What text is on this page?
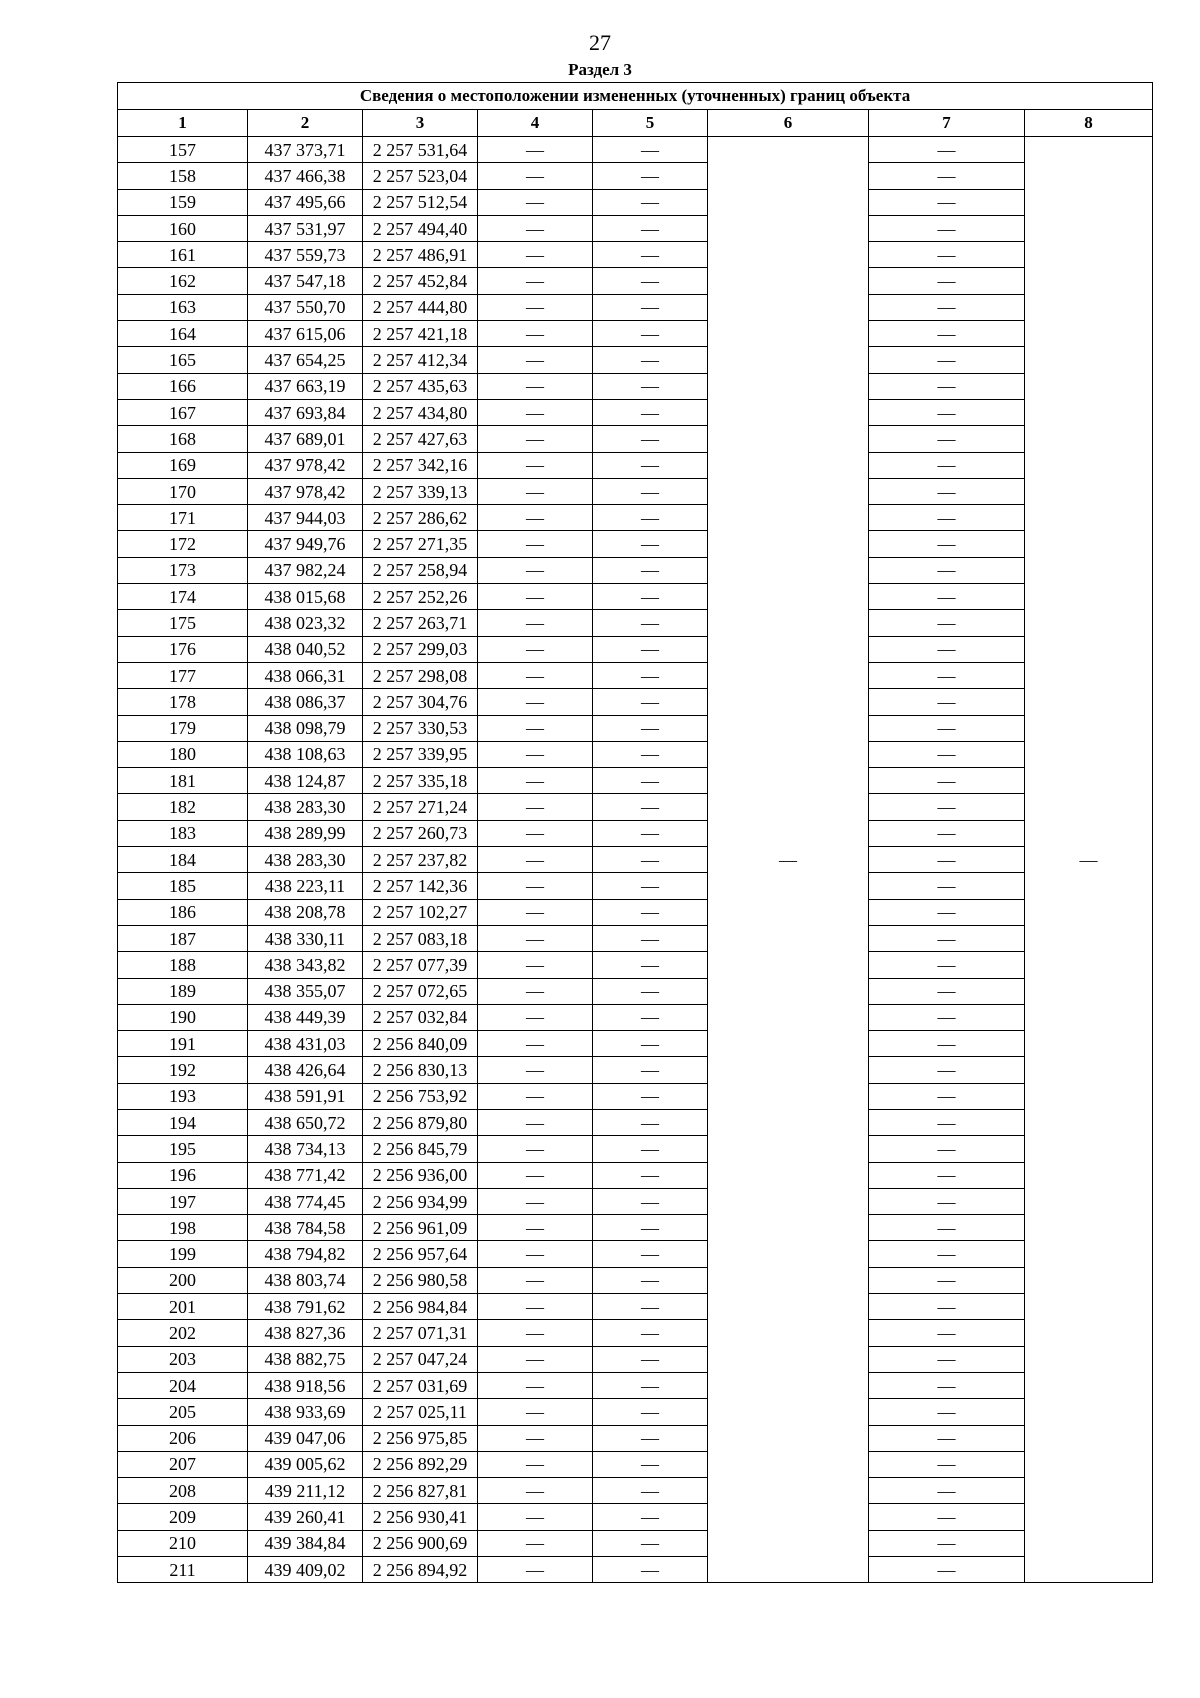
27
Раздел 3
Сведения о местоположении измененных (уточненных) границ объекта							
1	2	3	4	5	6	7	8
157	437 373,71	2 257 531,64	—	—	—	—	—
158	437 466,38	2 257 523,04	—	—		—	
159	437 495,66	2 257 512,54	—	—		—	
160	437 531,97	2 257 494,40	—	—		—	
161	437 559,73	2 257 486,91	—	—		—	
162	437 547,18	2 257 452,84	—	—		—	
163	437 550,70	2 257 444,80	—	—		—	
164	437 615,06	2 257 421,18	—	—		—	
165	437 654,25	2 257 412,34	—	—		—	
166	437 663,19	2 257 435,63	—	—		—	
167	437 693,84	2 257 434,80	—	—		—	
168	437 689,01	2 257 427,63	—	—		—	
169	437 978,42	2 257 342,16	—	—		—	
170	437 978,42	2 257 339,13	—	—		—	
171	437 944,03	2 257 286,62	—	—		—	
172	437 949,76	2 257 271,35	—	—		—	
173	437 982,24	2 257 258,94	—	—		—	
174	438 015,68	2 257 252,26	—	—		—	
175	438 023,32	2 257 263,71	—	—		—	
176	438 040,52	2 257 299,03	—	—		—	
177	438 066,31	2 257 298,08	—	—		—	
178	438 086,37	2 257 304,76	—	—		—	
179	438 098,79	2 257 330,53	—	—		—	
180	438 108,63	2 257 339,95	—	—		—	
181	438 124,87	2 257 335,18	—	—		—	
182	438 283,30	2 257 271,24	—	—		—	
183	438 289,99	2 257 260,73	—	—		—	
184	438 283,30	2 257 237,82	—	—		—	
185	438 223,11	2 257 142,36	—	—		—	
186	438 208,78	2 257 102,27	—	—		—	
187	438 330,11	2 257 083,18	—	—		—	
188	438 343,82	2 257 077,39	—	—		—	
189	438 355,07	2 257 072,65	—	—		—	
190	438 449,39	2 257 032,84	—	—		—	
191	438 431,03	2 256 840,09	—	—		—	
192	438 426,64	2 256 830,13	—	—		—	
193	438 591,91	2 256 753,92	—	—		—	
194	438 650,72	2 256 879,80	—	—		—	
195	438 734,13	2 256 845,79	—	—		—	
196	438 771,42	2 256 936,00	—	—		—	
197	438 774,45	2 256 934,99	—	—		—	
198	438 784,58	2 256 961,09	—	—		—	
199	438 794,82	2 256 957,64	—	—		—	
200	438 803,74	2 256 980,58	—	—		—	
201	438 791,62	2 256 984,84	—	—		—	
202	438 827,36	2 257 071,31	—	—		—	
203	438 882,75	2 257 047,24	—	—		—	
204	438 918,56	2 257 031,69	—	—		—	
205	438 933,69	2 257 025,11	—	—		—	
206	439 047,06	2 256 975,85	—	—		—	
207	439 005,62	2 256 892,29	—	—		—	
208	439 211,12	2 256 827,81	—	—		—	
209	439 260,41	2 256 930,41	—	—		—	
210	439 384,84	2 256 900,69	—	—		—	
211	439 409,02	2 256 894,92	—	—		—	
